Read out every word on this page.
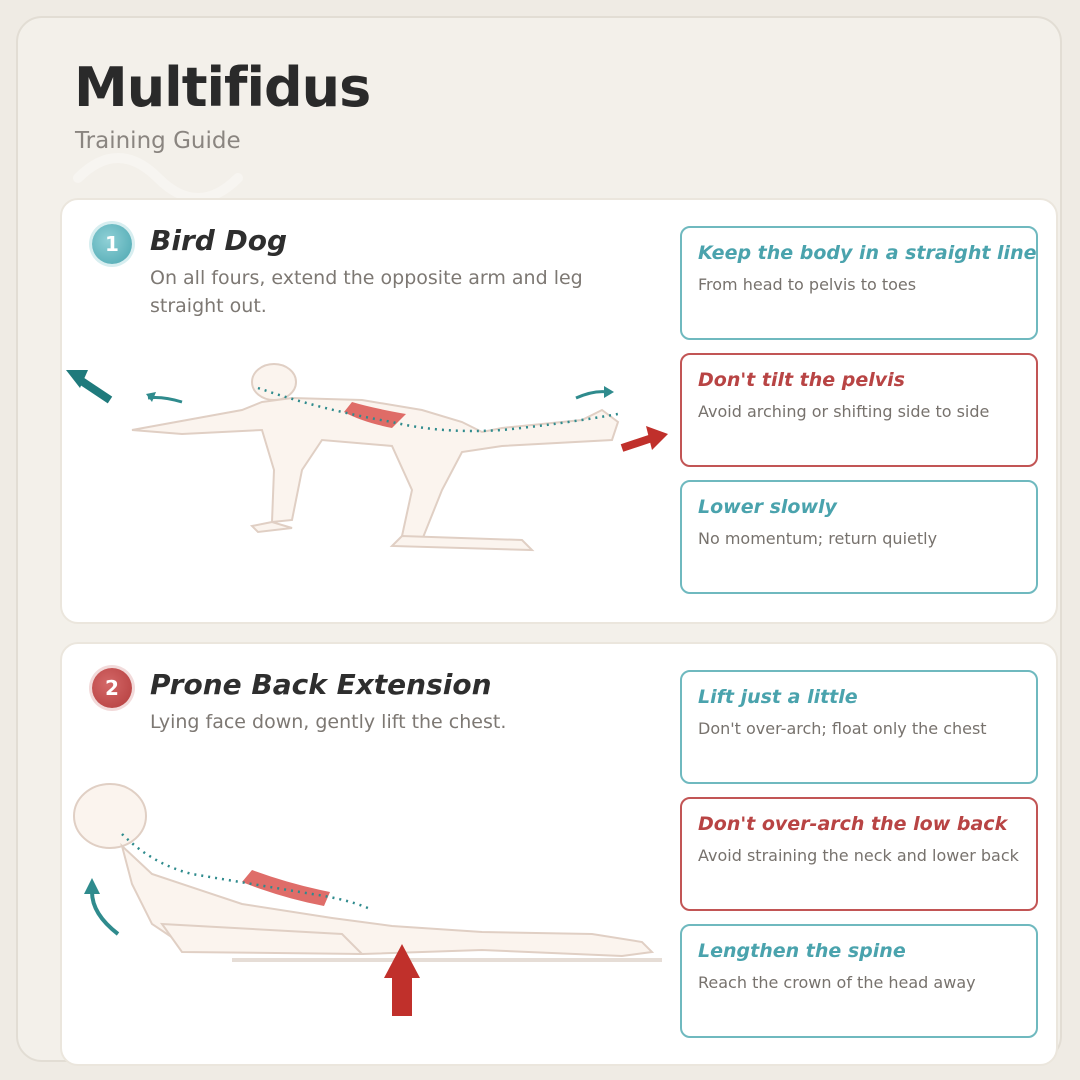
Multifidus

Training Guide

1	Bird Dog

On all fours, extend the opposite arm and leg straight out.

Keep the body in a straight line

From head to pelvis to toes

Don't tilt the pelvis

Avoid arching or shifting side to side

Lower slowly

No momentum; return quietly

2	Prone Back Extension

Lying face down, gently lift the chest.

Lift just a little

Don't over-arch; float only the chest

Don't over-arch the low back

Avoid straining the neck and lower back

Lengthen the spine

Reach the crown of the head away
